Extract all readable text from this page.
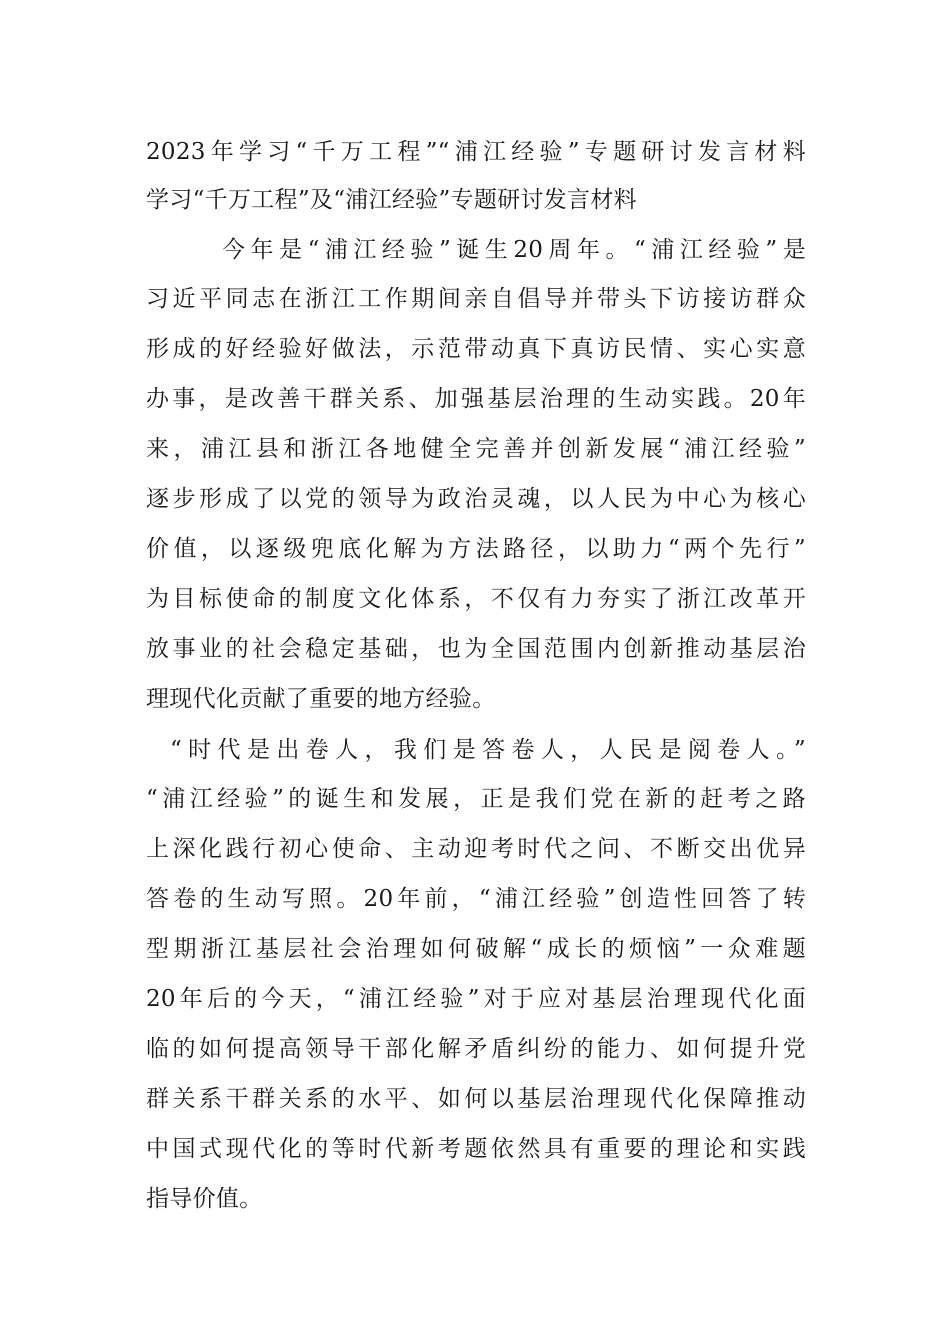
2023年学习“千万工程”“浦江经验”专题研讨发言材料
学习“千万工程”及“浦江经验”专题研讨发言材料
今年是“浦江经验”诞生20周年。“浦江经验”是
习近平同志在浙江工作期间亲自倡导并带头下访接访群众
形成的好经验好做法，示范带动真下真访民情、实心实意
办事，是改善干群关系、加强基层治理的生动实践。20年
来，浦江县和浙江各地健全完善并创新发展“浦江经验”
逐步形成了以党的领导为政治灵魂，以人民为中心为核心
价值，以逐级兜底化解为方法路径，以助力“两个先行”
为目标使命的制度文化体系，不仅有力夯实了浙江改革开
放事业的社会稳定基础，也为全国范围内创新推动基层治
理现代化贡献了重要的地方经验。
“时代是出卷人，我们是答卷人，人民是阅卷人。”
“浦江经验”的诞生和发展，正是我们党在新的赶考之路
上深化践行初心使命、主动迎考时代之问、不断交出优异
答卷的生动写照。20年前，“浦江经验”创造性回答了转
型期浙江基层社会治理如何破解“成长的烦恼”一众难题
20年后的今天，“浦江经验”对于应对基层治理现代化面
临的如何提高领导干部化解矛盾纠纷的能力、如何提升党
群关系干群关系的水平、如何以基层治理现代化保障推动
中国式现代化的等时代新考题依然具有重要的理论和实践
指导价值。
